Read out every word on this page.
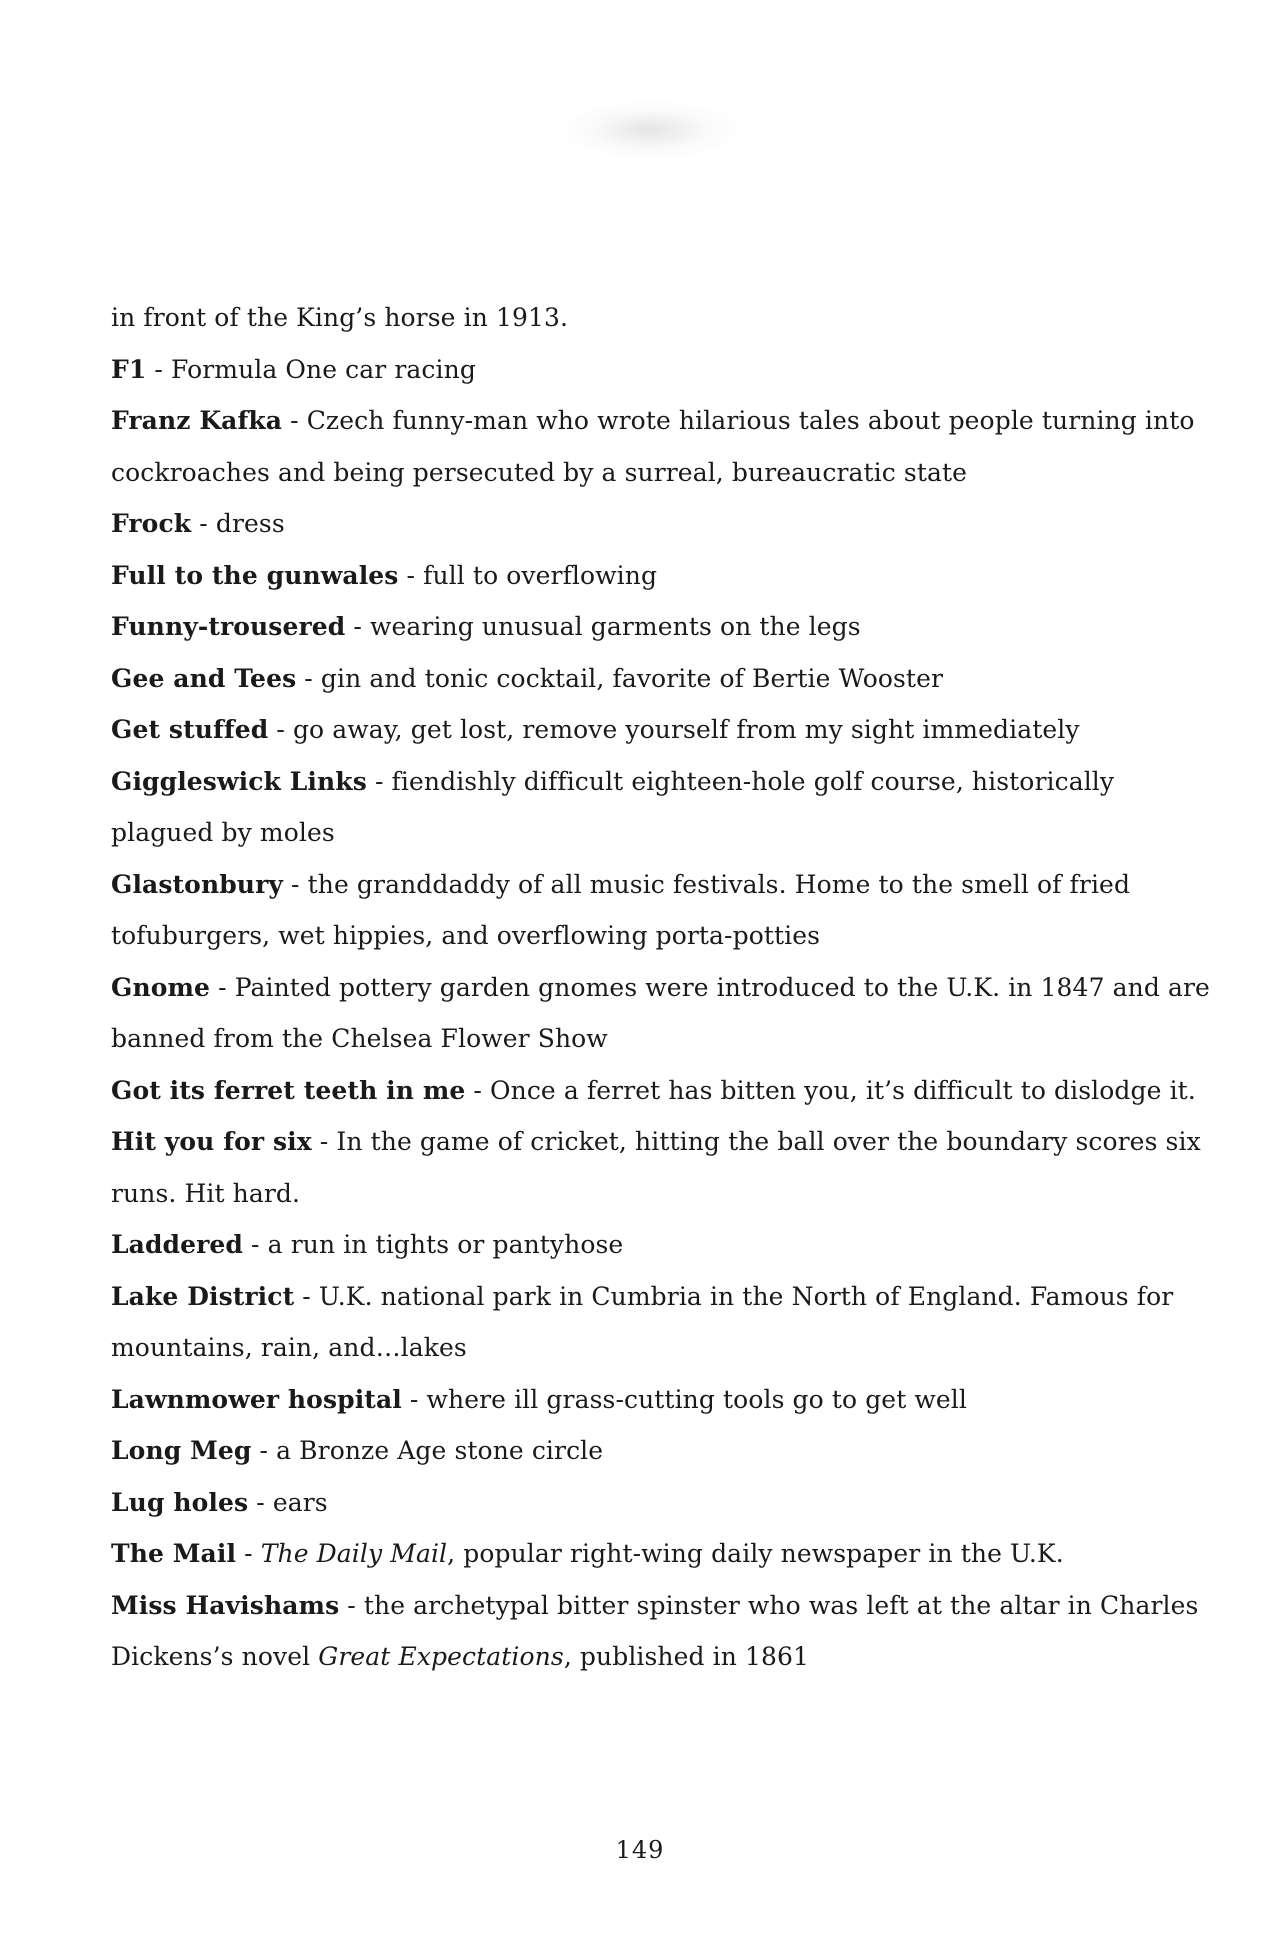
in front of the King’s horse in 1913.

F1 - Formula One car racing

Franz Kafka - Czech funny-man who wrote hilarious tales about people turning into

cockroaches and being persecuted by a surreal, bureaucratic state

Frock - dress

Full to the gunwales - full to overflowing

Funny-trousered - wearing unusual garments on the legs

Gee and Tees - gin and tonic cocktail, favorite of Bertie Wooster

Get stuffed - go away, get lost, remove yourself from my sight immediately

Giggleswick Links - fiendishly difficult eighteen-hole golf course, historically

plagued by moles

Glastonbury - the granddaddy of all music festivals. Home to the smell of fried

tofuburgers, wet hippies, and overflowing porta-potties

Gnome - Painted pottery garden gnomes were introduced to the U.K. in 1847 and are

banned from the Chelsea Flower Show

Got its ferret teeth in me - Once a ferret has bitten you, it’s difficult to dislodge it.

Hit you for six - In the game of cricket, hitting the ball over the boundary scores six

runs. Hit hard.

Laddered - a run in tights or pantyhose

Lake District - U.K. national park in Cumbria in the North of England. Famous for

mountains, rain, and…lakes

Lawnmower hospital - where ill grass-cutting tools go to get well

Long Meg - a Bronze Age stone circle

Lug holes - ears

The Mail - The Daily Mail, popular right-wing daily newspaper in the U.K.

Miss Havishams - the archetypal bitter spinster who was left at the altar in Charles

Dickens’s novel Great Expectations, published in 1861

149
